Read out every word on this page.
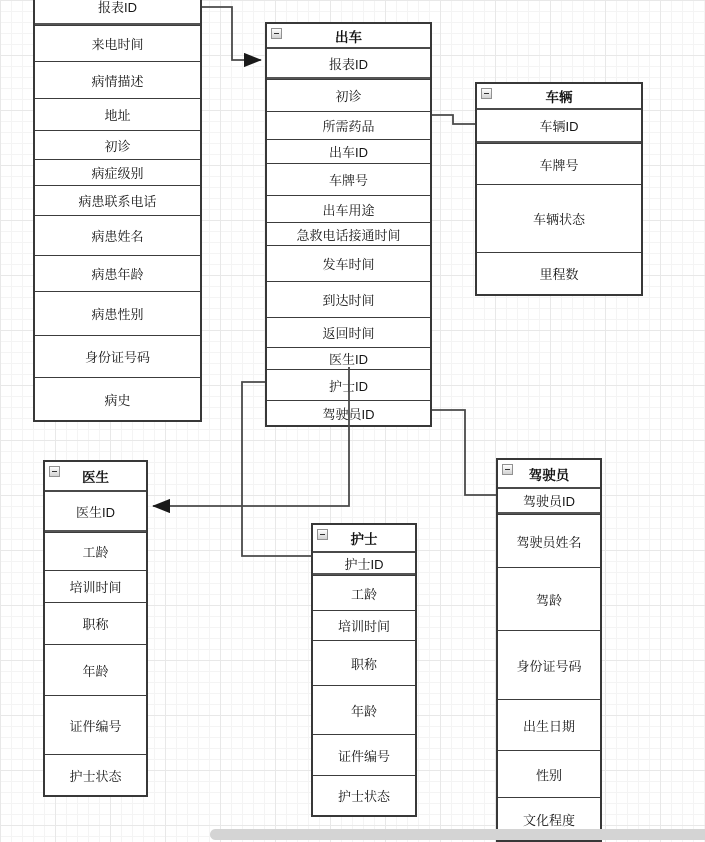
报表ID
来电时间
病情描述
地址
初诊
病症级别
病患联系电话
病患姓名
病患年龄
病患性别
身份证号码
病史
出车
报表ID
初诊
所需药品
出车ID
车牌号
出车用途
急救电话接通时间
发车时间
到达时间
返回时间
医生ID
护士ID
驾驶员ID
车辆
车辆ID
车牌号
车辆状态
里程数
医生
医生ID
工龄
培训时间
职称
年龄
证件编号
护士状态
护士
护士ID
工龄
培训时间
职称
年龄
证件编号
护士状态
驾驶员
驾驶员ID
驾驶员姓名
驾龄
身份证号码
出生日期
性别
文化程度
